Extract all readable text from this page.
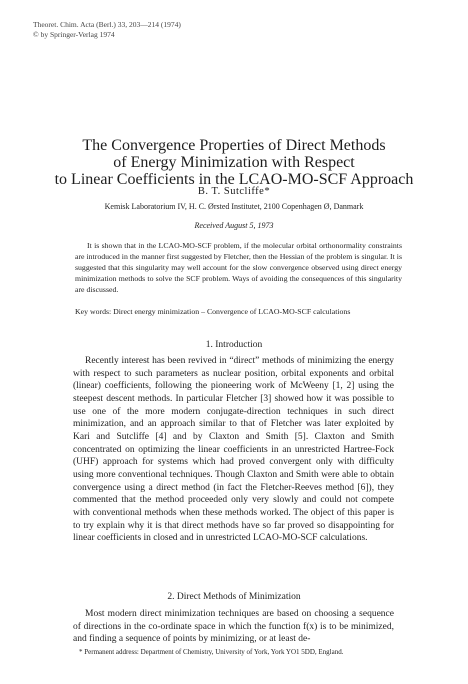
Theoret. Chim. Acta (Berl.) 33, 203—214 (1974)
© by Springer-Verlag 1974
The Convergence Properties of Direct Methods
of Energy Minimization with Respect
to Linear Coefficients in the LCAO-MO-SCF Approach
B. T. Sutcliffe*
Kemisk Laboratorium IV, H. C. Ørsted Institutet, 2100 Copenhagen Ø, Danmark
Received August 5, 1973
It is shown that in the LCAO-MO-SCF problem, if the molecular orbital orthonormality constraints are introduced in the manner first suggested by Fletcher, then the Hessian of the problem is singular. It is suggested that this singularity may well account for the slow convergence observed using direct energy minimization methods to solve the SCF problem. Ways of avoiding the consequences of this singularity are discussed.
Key words: Direct energy minimization – Convergence of LCAO-MO-SCF calculations
1. Introduction
Recently interest has been revived in “direct” methods of minimizing the energy with respect to such parameters as nuclear position, orbital exponents and orbital (linear) coefficients, following the pioneering work of McWeeny [1, 2] using the steepest descent methods. In particular Fletcher [3] showed how it was possible to use one of the more modern conjugate-direction techniques in such direct minimization, and an approach similar to that of Fletcher was later exploited by Kari and Sutcliffe [4] and by Claxton and Smith [5]. Claxton and Smith concentrated on optimizing the linear coefficients in an unrestricted Hartree-Fock (UHF) approach for systems which had proved convergent only with difficulty using more conventional techniques. Though Claxton and Smith were able to obtain convergence using a direct method (in fact the Fletcher-Reeves method [6]), they commented that the method proceeded only very slowly and could not compete with conventional methods when these methods worked. The object of this paper is to try explain why it is that direct methods have so far proved so disappointing for linear coefficients in closed and in unrestricted LCAO-MO-SCF calculations.
2. Direct Methods of Minimization
Most modern direct minimization techniques are based on choosing a sequence of directions in the co-ordinate space in which the function f(x) is to be minimized, and finding a sequence of points by minimizing, or at least de-
* Permanent address: Department of Chemistry, University of York, York YO1 5DD, England.
